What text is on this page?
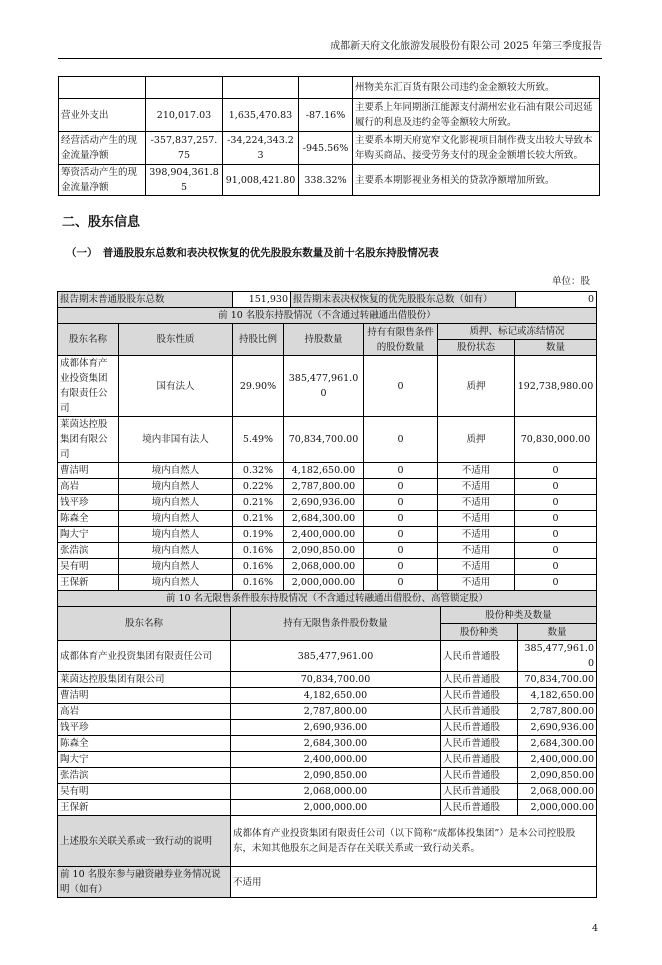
成都新天府文化旅游发展股份有限公司 2025 年第三季度报告
				州物美东汇百货有限公司违约金金额较大所致。
营业外支出	210,017.03	1,635,470.83	-87.16%	主要系上年同期浙江能源支付湖州宏业石油有限公司迟延履行的利息及违约金等金额较大所致。
经营活动产生的现金流量净额	-357,837,257.75	-34,224,343.23	-945.56%	主要系本期天府宽窄文化影视项目制作费支出较大导致本年购买商品、接受劳务支付的现金金额增长较大所致。
筹资活动产生的现金流量净额	398,904,361.85	91,008,421.80	338.32%	主要系本期影视业务相关的贷款净额增加所致。
二、股东信息
（一）　普通股股东总数和表决权恢复的优先股股东数量及前十名股东持股情况表
单位：股
报告期末普通股股东总数	151,930	报告期末表决权恢复的优先股股东总数（如有）	0
前 10 名股东持股情况（不含通过转融通出借股份）						
股东名称	股东性质	持股比例	持股数量	持有有限售条件的股份数量	质押、标记或冻结情况	
					股份状态	数量
成都体育产业投资集团有限责任公司	国有法人	29.90%	385,477,961.00	0	质押	192,738,980.00
莱茵达控股集团有限公司	境内非国有法人	5.49%	70,834,700.00	0	质押	70,830,000.00
曹洁明	境内自然人	0.32%	4,182,650.00	0	不适用	0
高岩	境内自然人	0.22%	2,787,800.00	0	不适用	0
钱平珍	境内自然人	0.21%	2,690,936.00	0	不适用	0
陈森全	境内自然人	0.21%	2,684,300.00	0	不适用	0
陶大宁	境内自然人	0.19%	2,400,000.00	0	不适用	0
张浩滨	境内自然人	0.16%	2,090,850.00	0	不适用	0
吴有明	境内自然人	0.16%	2,068,000.00	0	不适用	0
王保新	境内自然人	0.16%	2,000,000.00	0	不适用	0
前 10 名无限售条件股东持股情况（不含通过转融通出借股份、高管锁定股）			
股东名称	持有无限售条件股份数量	股份种类及数量	
		股份种类	数量
成都体育产业投资集团有限责任公司	385,477,961.00	人民币普通股	385,477,961.00
莱茵达控股集团有限公司	70,834,700.00	人民币普通股	70,834,700.00
曹洁明	4,182,650.00	人民币普通股	4,182,650.00
高岩	2,787,800.00	人民币普通股	2,787,800.00
钱平珍	2,690,936.00	人民币普通股	2,690,936.00
陈森全	2,684,300.00	人民币普通股	2,684,300.00
陶大宁	2,400,000.00	人民币普通股	2,400,000.00
张浩滨	2,090,850.00	人民币普通股	2,090,850.00
吴有明	2,068,000.00	人民币普通股	2,068,000.00
王保新	2,000,000.00	人民币普通股	2,000,000.00
上述股东关联关系或一致行动的说明	成都体育产业投资集团有限责任公司（以下简称“成都体投集团”）是本公司控股股东，未知其他股东之间是否存在关联关系或一致行动关系。		
前 10 名股东参与融资融券业务情况说明（如有）	不适用		
4
